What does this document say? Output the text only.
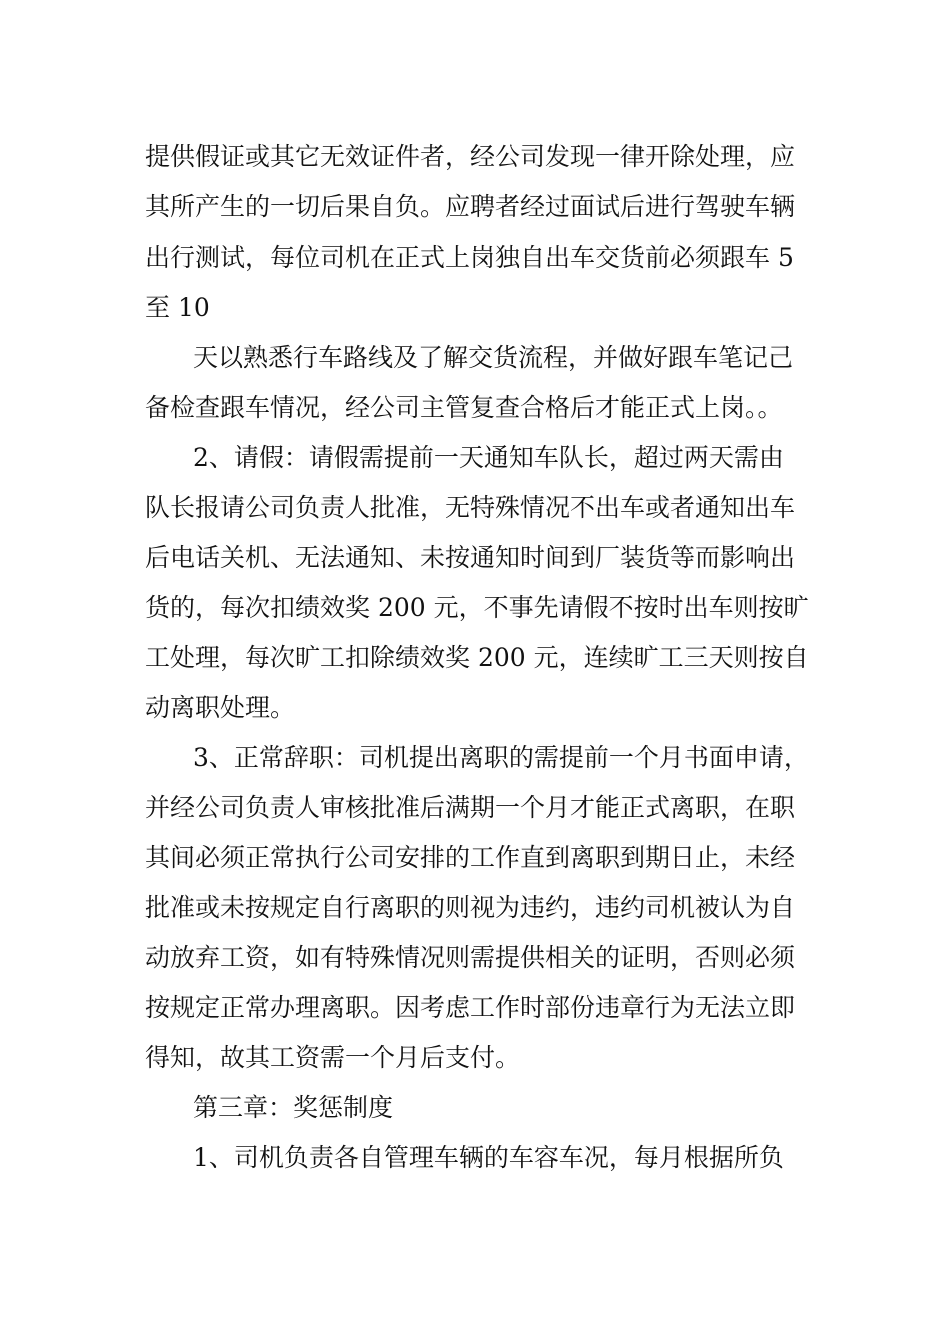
提供假证或其它无效证件者，经公司发现一律开除处理，应
其所产生的一切后果自负。应聘者经过面试后进行驾驶车辆
出行测试，每位司机在正式上岗独自出车交货前必须跟车 5
至 10
天以熟悉行车路线及了解交货流程，并做好跟车笔记己
备检查跟车情况，经公司主管复查合格后才能正式上岗。。
2、请假：请假需提前一天通知车队长，超过两天需由
队长报请公司负责人批准，无特殊情况不出车或者通知出车
后电话关机、无法通知、未按通知时间到厂装货等而影响出
货的，每次扣绩效奖 200 元，不事先请假不按时出车则按旷
工处理，每次旷工扣除绩效奖 200 元，连续旷工三天则按自
动离职处理。
3、正常辞职：司机提出离职的需提前一个月书面申请，
并经公司负责人审核批准后满期一个月才能正式离职，在职
其间必须正常执行公司安排的工作直到离职到期日止，未经
批准或未按规定自行离职的则视为违约，违约司机被认为自
动放弃工资，如有特殊情况则需提供相关的证明，否则必须
按规定正常办理离职。因考虑工作时部份违章行为无法立即
得知，故其工资需一个月后支付。
第三章：奖惩制度
1、司机负责各自管理车辆的车容车况，每月根据所负
